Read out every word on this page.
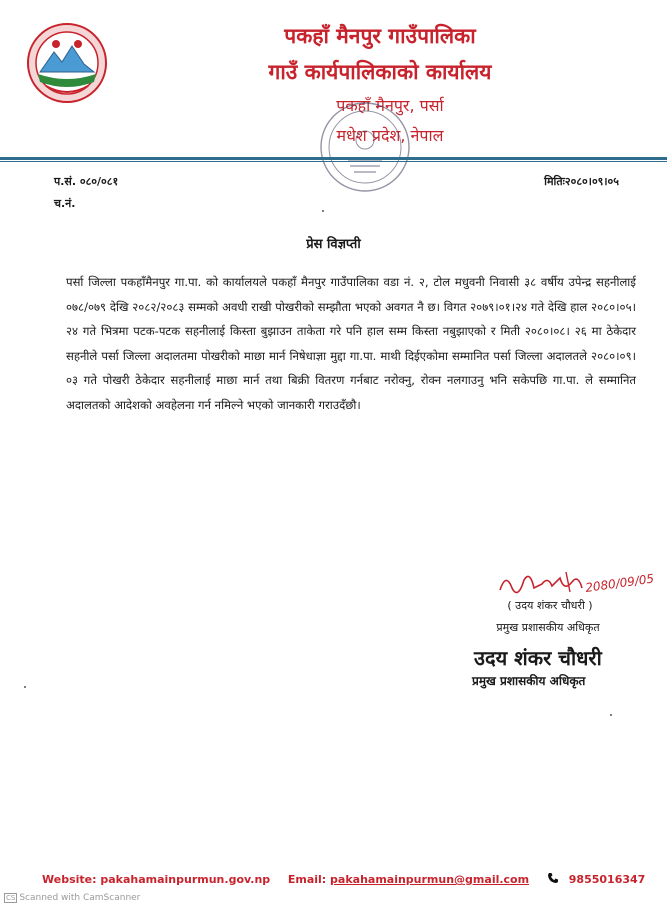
पकहाँ मैनपुर गाउँपालिका
गाउँ कार्यपालिकाको कार्यालय
पकहाँ मैनपुर, पर्सा
मधेश प्रदेश, नेपाल
प.सं. ०८०/०८१
च.नं.
मितिः२०८०।०९।०५
प्रेस विज्ञप्ती
पर्सा जिल्ला पकहाँमैनपुर गा.पा. को कार्यालयले पकहाँ मैनपुर गाउँपालिका वडा नं. २, टोल मधुवनी निवासी ३८ वर्षीय उपेन्द्र सहनीलाई ०७८/०७९ देखि २०८२/२०८३ सम्मको अवधी राखी पोखरीको सम्झौता भएको अवगत नै छ। विगत २०७९।०१।२४ गते देखि हाल २०८०।०५।२४ गते भित्रमा पटक-पटक सहनीलाई किस्ता बुझाउन ताकेता गरे पनि हाल सम्म किस्ता नबुझाएको र मिती २०८०।०८। २६ मा ठेकेदार सहनीले पर्सा जिल्ला अदालतमा पोखरीको माछा मार्न निषेधाज्ञा मुद्दा गा.पा. माथी दिईएकोमा सम्मानित पर्सा जिल्ला अदालतले २०८०।०९।०३ गते पोखरी ठेकेदार सहनीलाई माछा मार्न तथा बिक्री वितरण गर्नबाट नरोक्नु, रोक्न नलगाउनु भनि सकेपछि गा.पा. ले सम्मानित अदालतको आदेशको अवहेलना गर्न नमिल्ने भएको जानकारी गराउदँछौ।
2080/09/05
( उदय शंकर चौधरी )
प्रमुख प्रशासकीय अधिकृत
उदय शंकर चौधरी
प्रमुख प्रशासकीय अधिकृत
Website: pakahamainpurmun.gov.np Email: pakahamainpurmun@gmail.com	9855016347
CS Scanned with CamScanner
